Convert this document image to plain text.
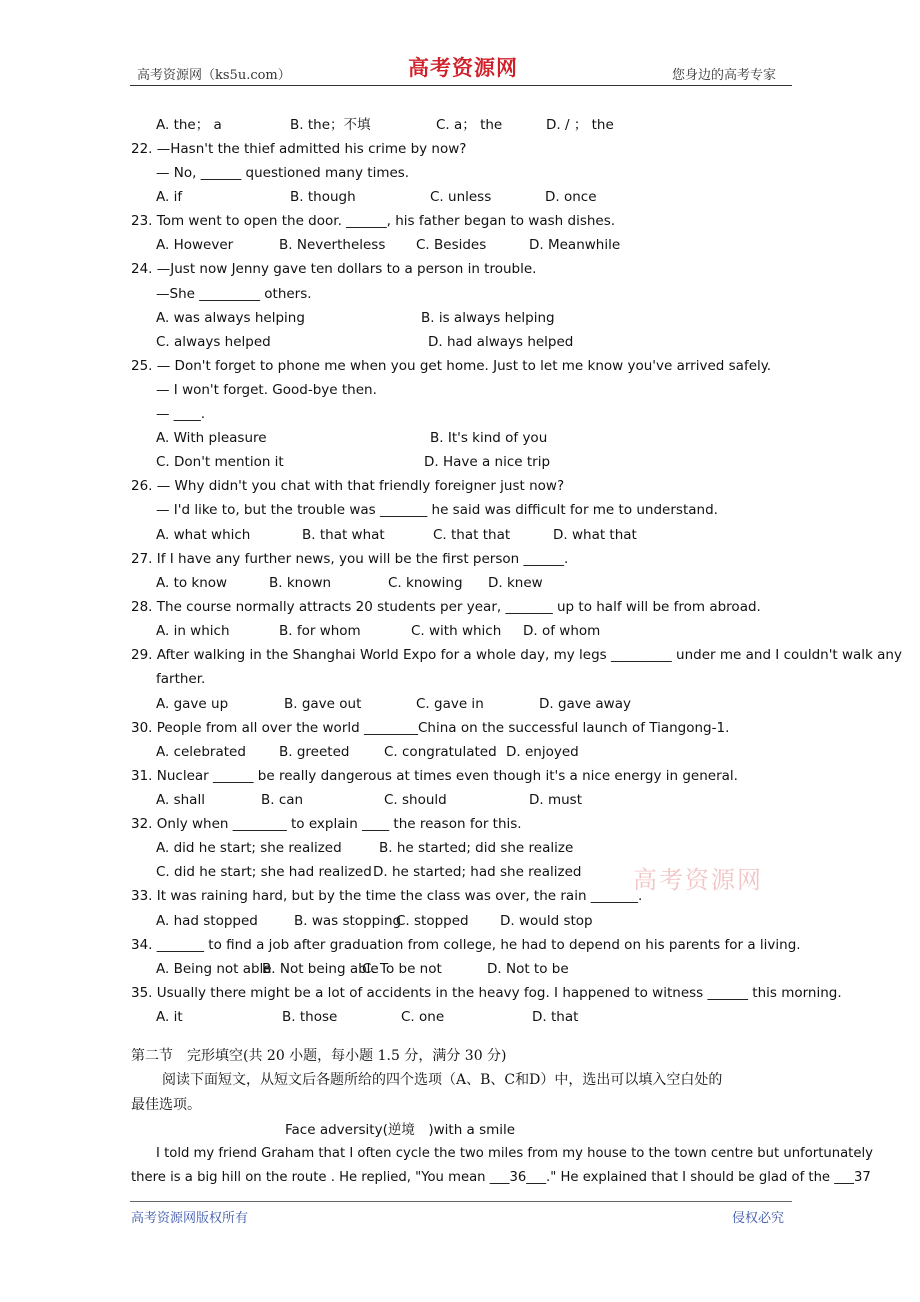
高考资源网（ks5u.com）	高考资源网	您身边的高考专家
A. the； a	B. the；不填	C. a； the	D. / ； the
22. —Hasn't the thief admitted his crime by now?
— No, ______ questioned many times.
A. if	B. though	C. unless	D. once
23. Tom went to open the door. ______, his father began to wash dishes.
A. However	B. Nevertheless C. Besides	D. Meanwhile
24. —Just now Jenny gave ten dollars to a person in trouble.
—She _________ others.
A. was always helping	B. is always helping
C. always helped	D. had always helped
25. — Don't forget to phone me when you get home. Just to let me know you've arrived safely.
— I won't forget. Good-bye then.
— ____.
A. With pleasure	B. It's kind of you
C. Don't mention it	D. Have a nice trip
26. — Why didn't you chat with that friendly foreigner just now?
— I'd like to, but the trouble was _______ he said was difficult for me to understand.
A. what which	B. that what	C. that that	D. what that
27. If I have any further news, you will be the first person ______.
A. to know	B. known	C. knowing D. knew
28. The course normally attracts 20 students per year, _______ up to half will be from abroad.
A. in which	B. for whom	C. with which D. of whom
29. After walking in the Shanghai World Expo for a whole day, my legs _________ under me and I couldn't walk any
farther.
A. gave up	B. gave out	C. gave in	D. gave away
30. People from all over the world ________China on the successful launch of Tiangong-1.
A. celebrated B. greeted	C. congratulated D. enjoyed
31. Nuclear ______ be really dangerous at times even though it's a nice energy in general.
A. shall	B. can	C. should	D. must
32. Only when ________ to explain ____ the reason for this.
A. did he start; she realized	B. he started; did she realize
C. did he start; she had realized D. he started; had she realized 高考资源网
33. It was raining hard, but by the time the class was over, the rain _______.
A. had stopped	B. was stopping
C. stopped D. would stop
34. _______ to find a job after graduation from college, he had to depend on his parents for a living.
A. Being not able
B. Not being able
C. To be not	D. Not to be
35. Usually there might be a lot of accidents in the heavy fog. I happened to witness ______ this morning.
A. it	B. those	C. one	D. that
第二节　完形填空(共 20 小题，每小题 1.5 分，满分 30 分)
阅读下面短文，从短文后各题所给的四个选项（A、B、C和D）中，选出可以填入空白处的
最佳选项。
Face adversity(逆境　)with a smile
I told my friend Graham that I often cycle the two miles from my house to the town centre but unfortunately
there is a big hill on the route . He replied, "You mean ___36___." He explained that I should be glad of the ___37
高考资源网版权所有	侵权必究
